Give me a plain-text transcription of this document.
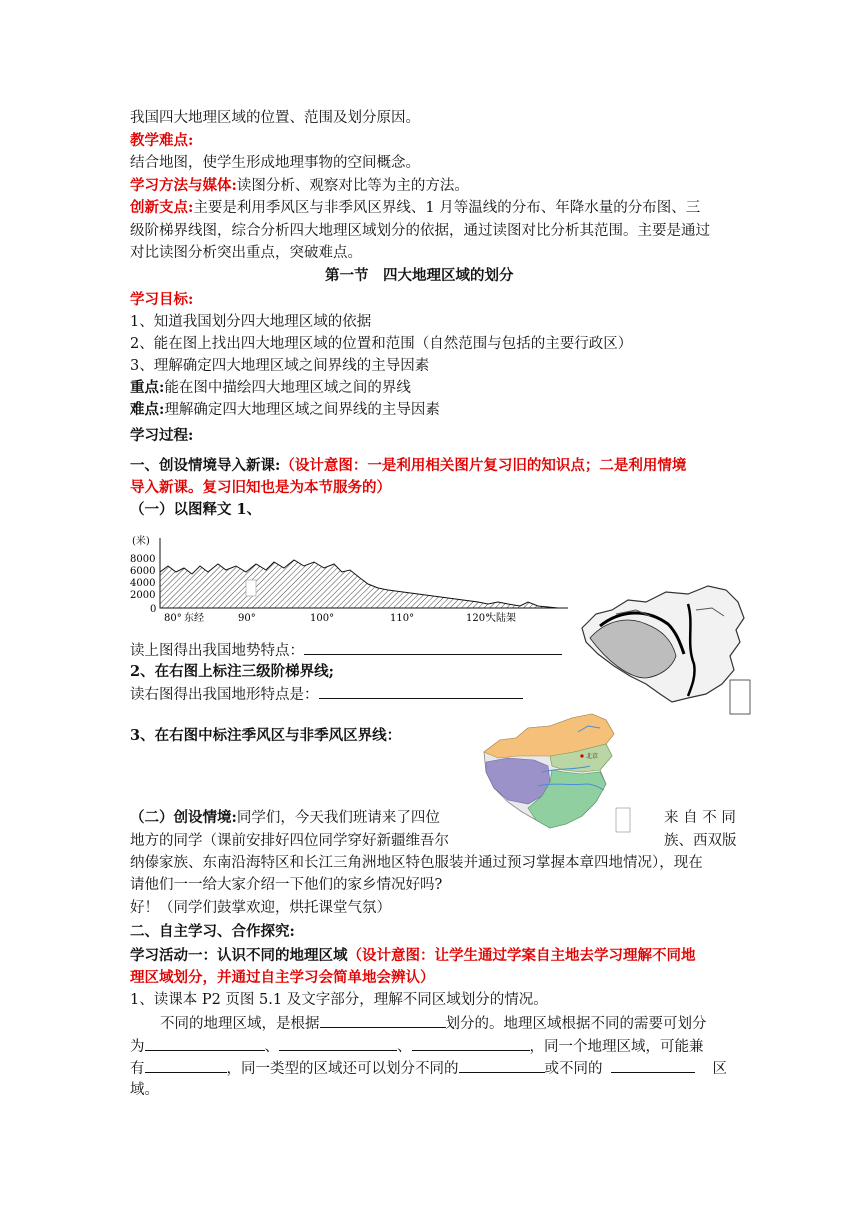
我国四大地理区域的位置、范围及划分原因。
教学难点:
结合地图，使学生形成地理事物的空间概念。
学习方法与媒体:读图分析、观察对比等为主的方法。
创新支点:主要是利用季风区与非季风区界线、1 月等温线的分布、年降水量的分布图、三
级阶梯界线图，综合分析四大地理区域划分的依据，通过读图对比分析其范围。主要是通过
对比读图分析突出重点，突破难点。
第一节　四大地理区域的划分
学习目标:
1、知道我国划分四大地理区域的依据
2、能在图上找出四大地理区域的位置和范围（自然范围与包括的主要行政区）
3、理解确定四大地理区域之间界线的主导因素
重点:能在图中描绘四大地理区域之间的界线
难点:理解确定四大地理区域之间界线的主导因素
学习过程:
一、创设情境导入新课:（设计意图：一是利用相关图片复习旧的知识点；二是利用情境
导入新课。复习旧知也是为本节服务的）
（一）以图释文 1、
(米)
8000
6000
4000
2000
0
80° 东经	90°	100°	110°	120°
大陆架
读上图得出我国地势特点：
2、在右图上标注三级阶梯界线;
读右图得出我国地形特点是：
3、在右图中标注季风区与非季风区界线：
北京
（二）创设情境:同学们，今天我们班请来了四位	来 自 不 同
地方的同学（课前安排好四位同学穿好新疆维吾尔	族、西双版
纳傣家族、东南沿海特区和长江三角洲地区特色服装并通过预习掌握本章四地情况），现在
请他们一一给大家介绍一下他们的家乡情况好吗?
好！（同学们鼓掌欢迎，烘托课堂气氛）
二、自主学习、合作探究:
学习活动一：认识不同的地理区域（设计意图：让学生通过学案自主地去学习理解不同地
理区域划分，并通过自主学习会简单地会辨认）
1、读课本 P2 页图 5.1 及文字部分，理解不同区域划分的情况。
不同的地理区域，是根据	划分的。地理区域根据不同的需要可划分
为	、	、	，同一个地理区域，可能兼
有	，同一类型的区域还可以划分不同的	或不同的	区
域。
